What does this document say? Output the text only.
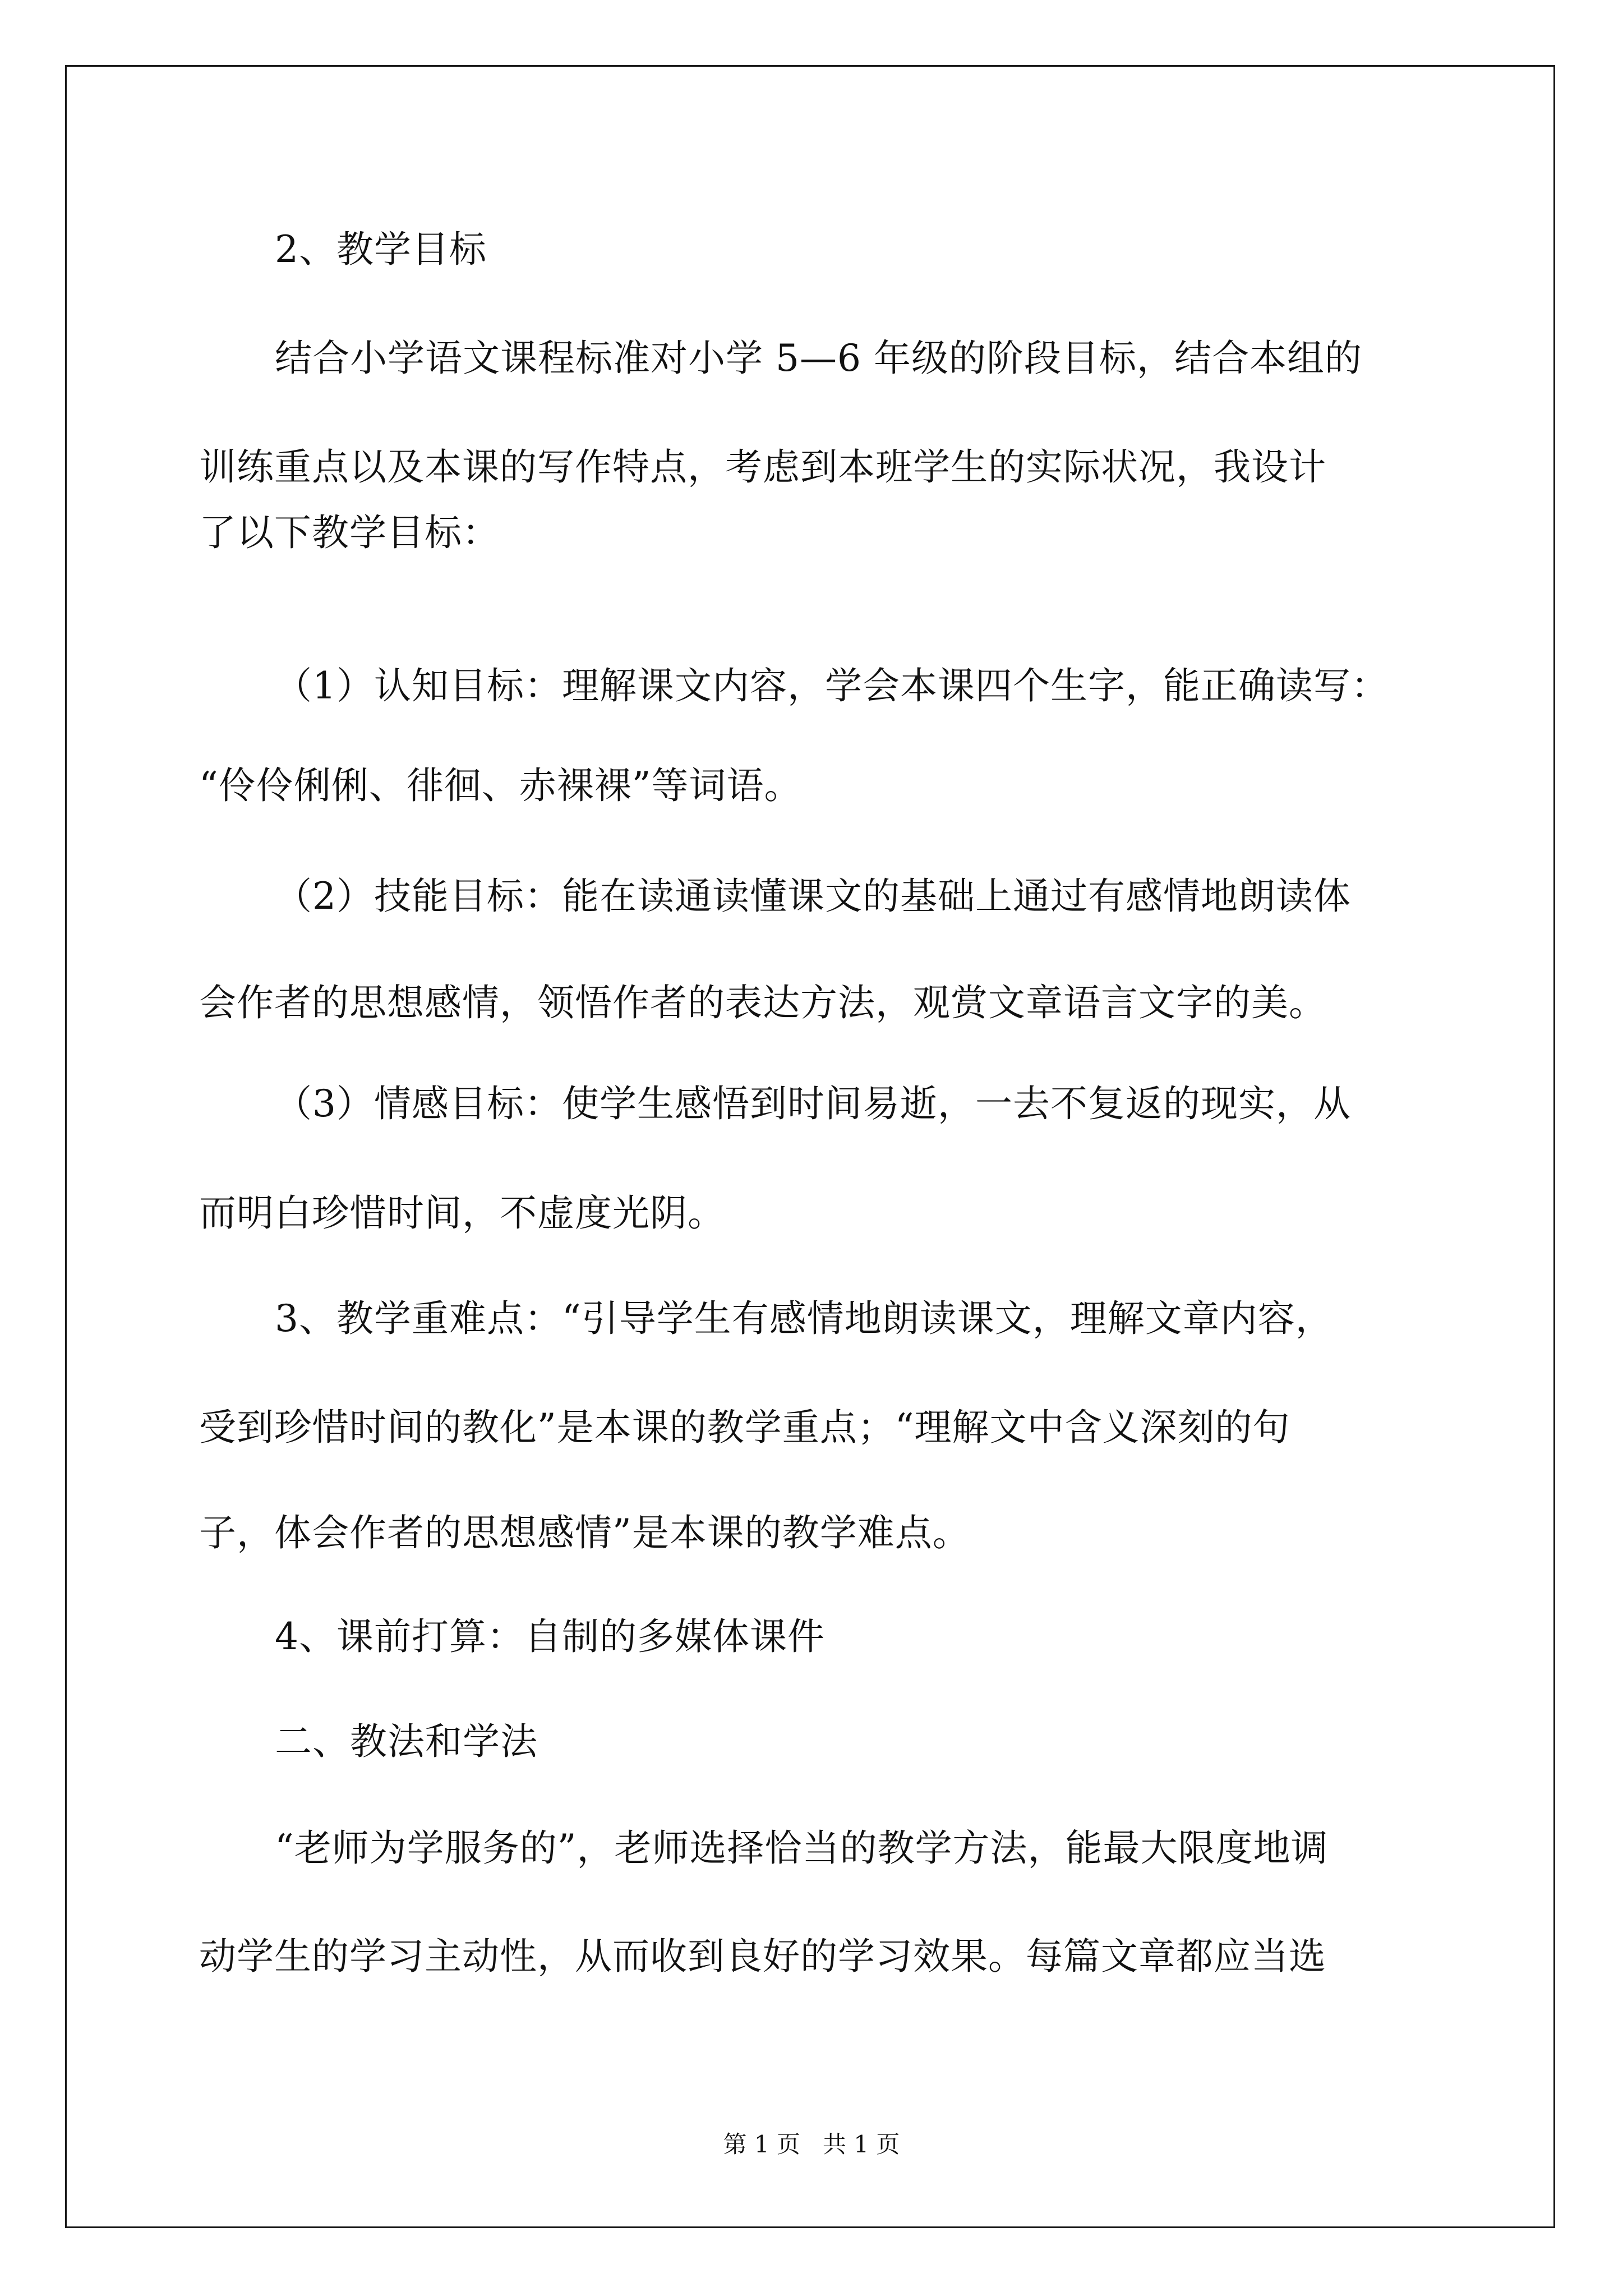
2、教学目标
结合小学语文课程标准对小学 5—6 年级的阶段目标，结合本组的
训练重点以及本课的写作特点，考虑到本班学生的实际状况，我设计
了以下教学目标：
（1）认知目标：理解课文内容，学会本课四个生字，能正确读写：
“伶伶俐俐、徘徊、赤裸裸”等词语。
（2）技能目标：能在读通读懂课文的基础上通过有感情地朗读体
会作者的思想感情，领悟作者的表达方法，观赏文章语言文字的美。
（3）情感目标：使学生感悟到时间易逝，一去不复返的现实，从
而明白珍惜时间，不虚度光阴。
3、教学重难点：“引导学生有感情地朗读课文，理解文章内容，
受到珍惜时间的教化”是本课的教学重点；“理解文中含义深刻的句
子，体会作者的思想感情”是本课的教学难点。
4、课前打算：自制的多媒体课件
二、教法和学法
“老师为学服务的”，老师选择恰当的教学方法，能最大限度地调
动学生的学习主动性，从而收到良好的学习效果。每篇文章都应当选
第 1 页 共 1 页
